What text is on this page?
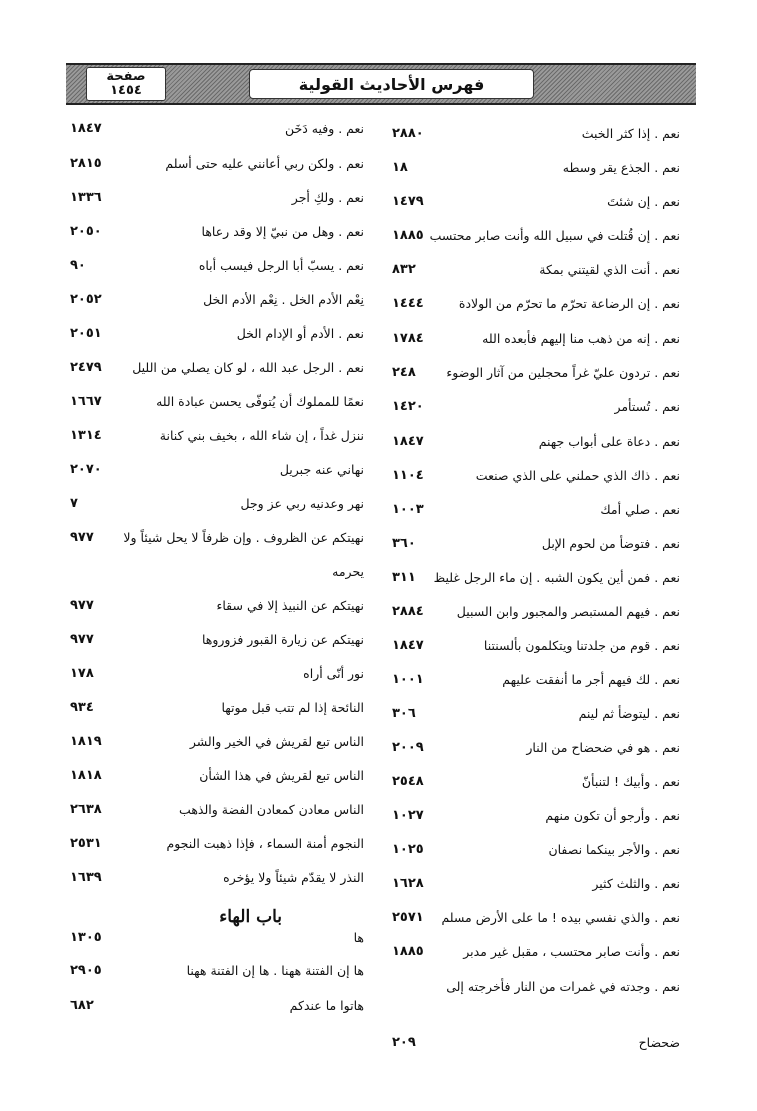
فهرس الأحاديث القولية
صفحة
١٤٥٤
نعم . إذا كثر الخبث
٢٨٨٠
نعم . الجذع يقر وسطه
١٨
نعم . إن شئتَ
١٤٧٩
نعم . إن قُتلت في سبيل الله وأنت صابر محتسب
١٨٨٥
نعم . أنت الذي لقيتني بمكة
٨٣٢
نعم . إن الرضاعة تحرّم ما تحرّم من الولادة
١٤٤٤
نعم . إنه من ذهب منا إليهم فأبعده الله
١٧٨٤
نعم . تردون عليّ غراً محجلين من آثار الوضوء
٢٤٨
نعم . تُستأمر
١٤٢٠
نعم . دعاة على أبواب جهنم
١٨٤٧
نعم . ذاك الذي حملني على الذي صنعت
١١٠٤
نعم . صلي أمك
١٠٠٣
نعم . فتوضأ من لحوم الإبل
٣٦٠
نعم . فمن أين يكون الشبه . إن ماء الرجل غليظ
٣١١
نعم . فيهم المستبصر والمجبور وابن السبيل
٢٨٨٤
نعم . قوم من جلدتنا ويتكلمون بألسنتنا
١٨٤٧
نعم . لك فيهم أجر ما أنفقت عليهم
١٠٠١
نعم . ليتوضأ ثم لينم
٣٠٦
نعم . هو في ضحضاح من النار
٢٠٠٩
نعم . وأبيك ! لتنبأنّ
٢٥٤٨
نعم . وأرجو أن تكون منهم
١٠٢٧
نعم . والأجر بينكما نصفان
١٠٢٥
نعم . والثلث كثير
١٦٢٨
نعم . والذي نفسي بيده ! ما على الأرض مسلم
٢٥٧١
نعم . وأنت صابر محتسب ، مقبل غير مدبر
١٨٨٥
نعم . وجدته في غمرات من النار فأخرجته إلى
ضحضاح
٢٠٩
نعم . وفيه دَخَن
١٨٤٧
نعم . ولكن ربي أعانني عليه حتى أسلم
٢٨١٥
نعم . ولكِ أجر
١٣٣٦
نعم . وهل من نبيّ إلا وقد رعاها
٢٠٥٠
نعم . يسبّ أبا الرجل فيسب أباه
٩٠
نِعْم الأدم الخل . نِعْم الأدم الخل
٢٠٥٢
نعم . الأدم أو الإدام الخل
٢٠٥١
نعم . الرجل عبد الله ، لو كان يصلي من الليل
٢٤٧٩
نعمًا للمملوك أن يُتوفّى يحسن عبادة الله
١٦٦٧
ننزل غداً ، إن شاء الله ، بخيف بني كنانة
١٣١٤
نهاني عنه جبريل
٢٠٧٠
نهر وعدنيه ربي عز وجل
٧
نهيتكم عن الظروف . وإن ظرفاً لا يحل شيئاً ولا
٩٧٧
يحرمه
نهيتكم عن النبيذ إلا في سقاء
٩٧٧
نهيتكم عن زيارة القبور فزوروها
٩٧٧
نور أنّى أراه
١٧٨
النائحة إذا لم تتب قبل موتها
٩٣٤
الناس تبع لقريش في الخير والشر
١٨١٩
الناس تبع لقريش في هذا الشأن
١٨١٨
الناس معادن كمعادن الفضة والذهب
٢٦٣٨
النجوم أمنة السماء ، فإذا ذهبت النجوم
٢٥٣١
النذر لا يقدّم شيئاً ولا يؤخره
١٦٣٩
ها
١٣٠٥
ها إن الفتنة ههنا . ها إن الفتنة ههنا
٢٩٠٥
هاتوا ما عندكم
٦٨٢
باب الهاء
